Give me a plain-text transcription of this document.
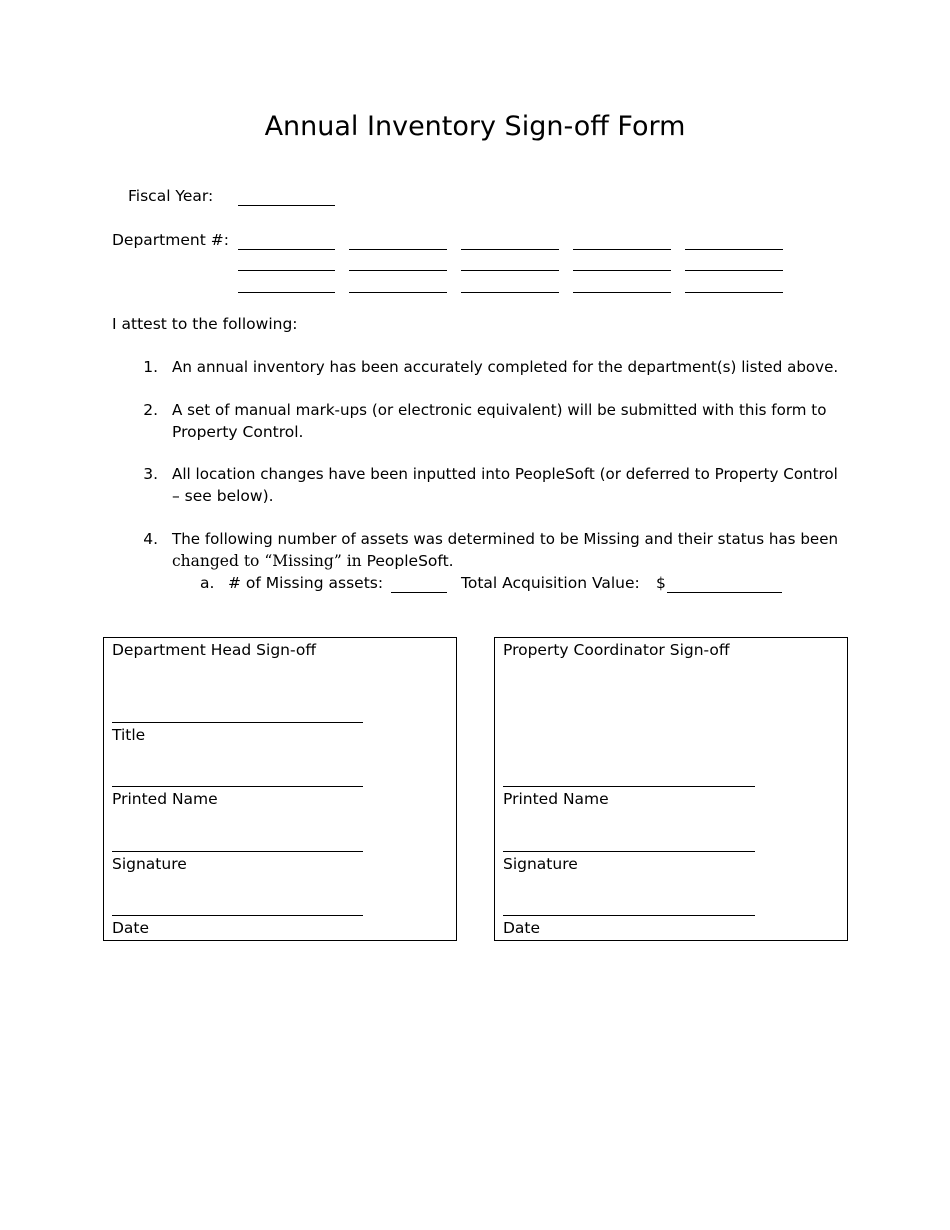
Annual Inventory Sign-off Form
Fiscal Year:
Department #:
I attest to the following:
1. An annual inventory has been accurately completed for the department(s) listed above.
2. A set of manual mark-ups (or electronic equivalent) will be submitted with this form to
Property Control.
3. All location changes have been inputted into PeopleSoft (or deferred to Property Control
– see below).
4. The following number of assets was determined to be Missing and their status has been
changed to “Missing” in PeopleSoft.
a. # of Missing assets:	Total Acquisition Value: $
Department Head Sign-off
Title
Printed Name
Signature
Date
Property Coordinator Sign-off
Printed Name
Signature
Date
